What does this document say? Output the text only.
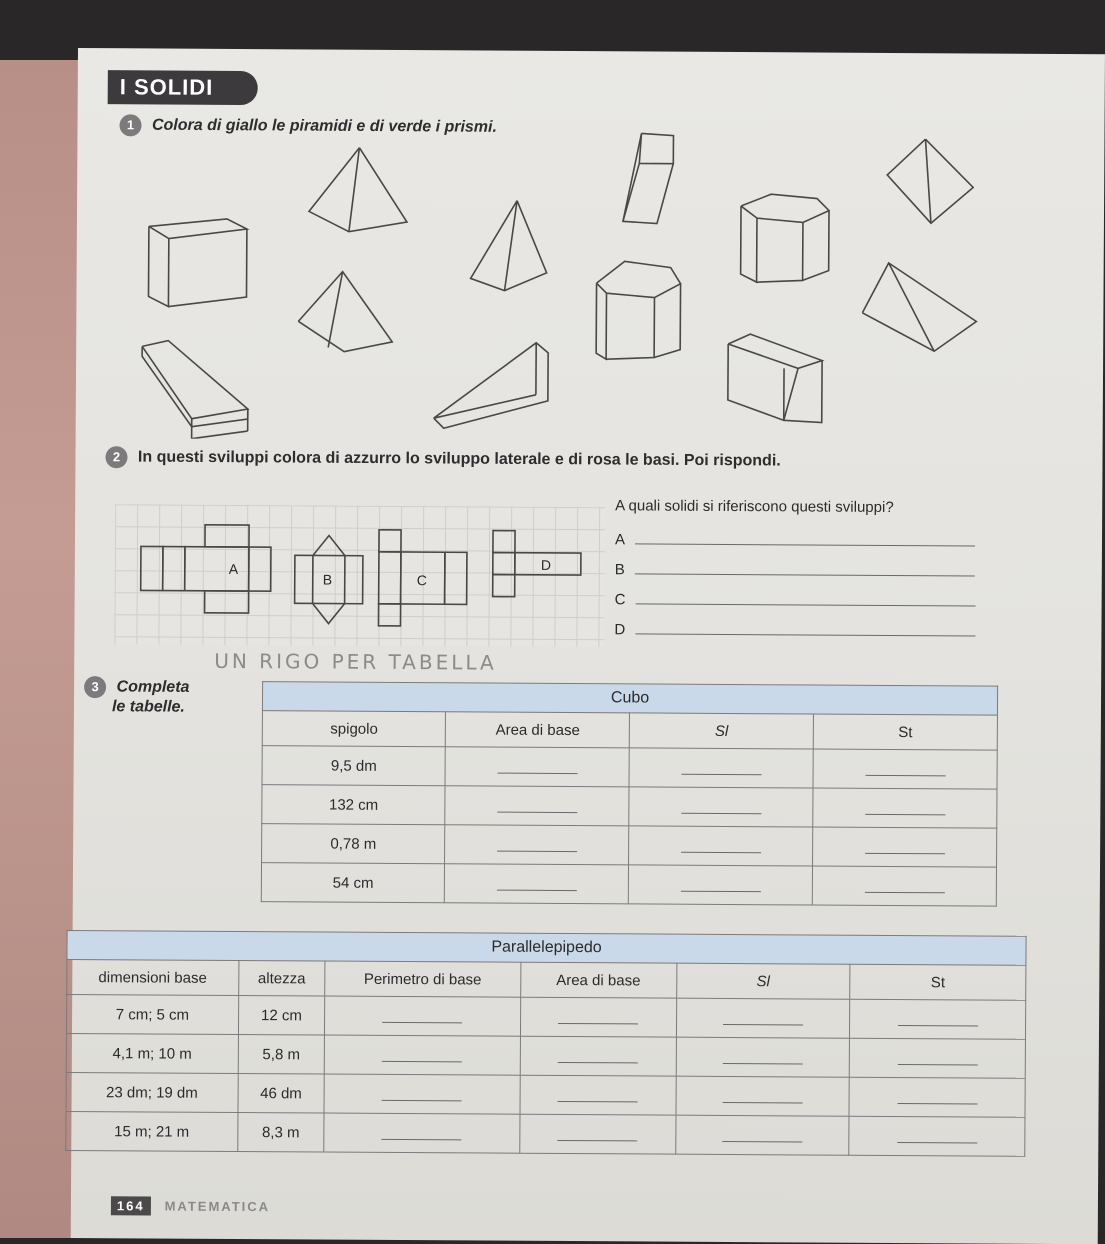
I SOLIDI
1 Colora di giallo le piramidi e di verde i prismi.
2 In questi sviluppi colora di azzurro lo sviluppo laterale e di rosa le basi. Poi rispondi.
A
B	C
D
A quali solidi si riferiscono questi sviluppi?
A
B
C
D
3 Completa
le tabelle.
UN RIGO PER TABELLA
Cubo			
spigolo	Area di base	Sl	St
9,5 dm			
132 cm			
0,78 m			
54 cm			
Parallelepipedo					
dimensioni base	altezza	Perimetro di base	Area di base	Sl	St
7 cm; 5 cm	12 cm				
4,1 m; 10 m	5,8 m				
23 dm; 19 dm	46 dm				
15 m; 21 m	8,3 m				
164 MATEMATICA
